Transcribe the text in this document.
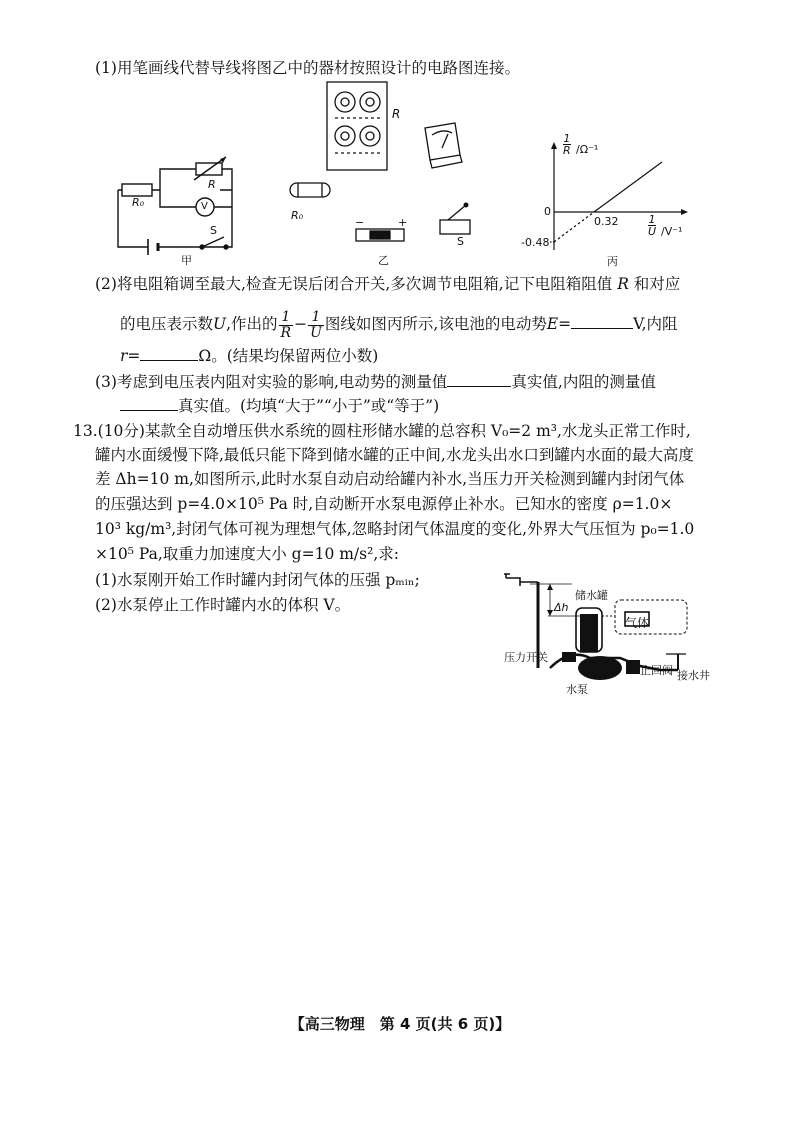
(1)用笔画线代替导线将图乙中的器材按照设计的电路图连接。
R₀
R
V
S
甲
R
R₀
S
−	+
乙
$\frac{1}{R} /\Omega^{-1}$
0
0.32
-0.48
$\frac{1}{U} /V^{-1}$
丙
(2)将电阻箱调至最大,检查无误后闭合开关,多次调节电阻箱,记下电阻箱阻值 R 和对应
的电压表示数U,作出的 $\frac{1}{R} - \frac{1}{U}$ 图线如图丙所示,该电池的电动势E=	V,内阻
r=	Ω。(结果均保留两位小数)
(3)考虑到电压表内阻对实验的影响,电动势的测量值	真实值,内阻的测量值
真实值。(均填“大于”“小于”或“等于”)
13.(10分)某款全自动增压供水系统的圆柱形储水罐的总容积 V₀=2 m³,水龙头正常工作时,
罐内水面缓慢下降,最低只能下降到储水罐的正中间,水龙头出水口到罐内水面的最大高度
差 Δh=10 m,如图所示,此时水泵自动启动给罐内补水,当压力开关检测到罐内封闭气体
的压强达到 p=4.0×10⁵ Pa 时,自动断开水泵电源停止补水。已知水的密度 ρ=1.0×
10³ kg/m³,封闭气体可视为理想气体,忽略封闭气体温度的变化,外界大气压恒为 p₀=1.0
×10⁵ Pa,取重力加速度大小 g=10 m/s²,求:
(1)水泵刚开始工作时罐内封闭气体的压强 pₘᵢₙ;
(2)水泵停止工作时罐内水的体积 V。
储水罐
Δh
气体
压力开关
止回阀 接水井
水泵
【高三物理　第 4 页(共 6 页)】
